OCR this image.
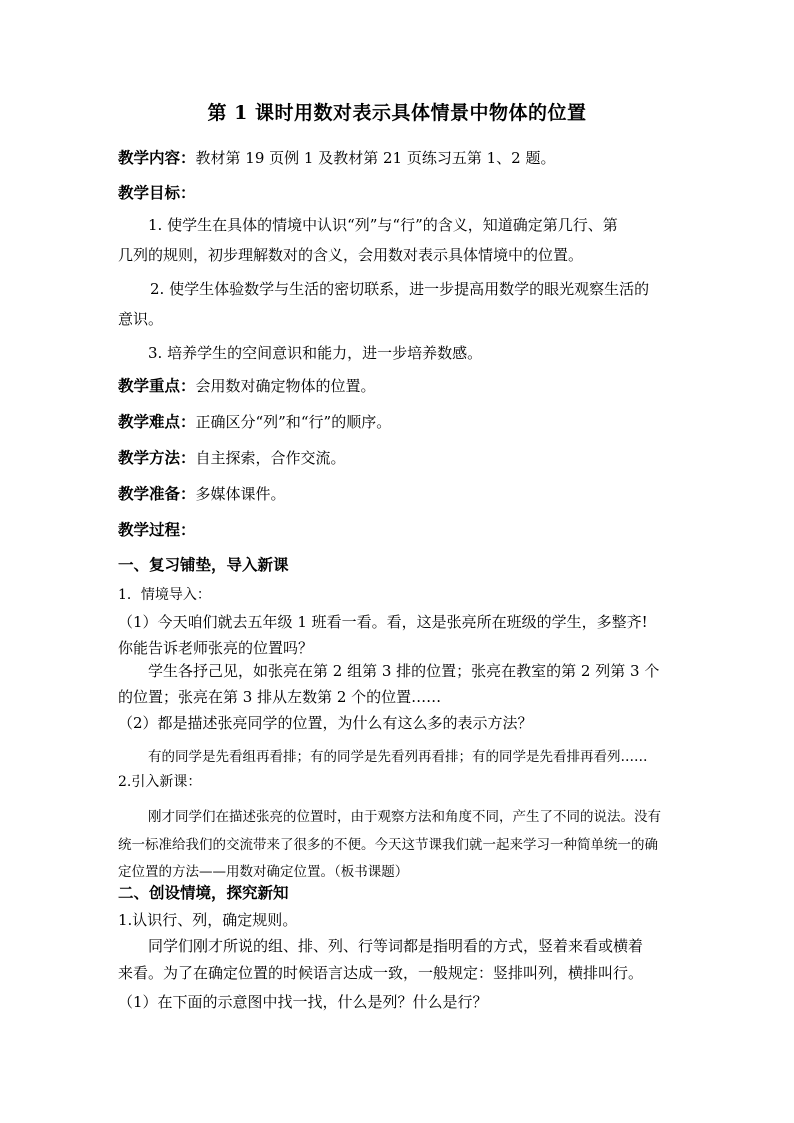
第 1 课时用数对表示具体情景中物体的位置
教学内容：教材第 19 页例 1 及教材第 21 页练习五第 1、2 题。
教学目标：
1. 使学生在具体的情境中认识“列”与“行”的含义，知道确定第几行、第
几列的规则，初步理解数对的含义，会用数对表示具体情境中的位置。
2. 使学生体验数学与生活的密切联系，进一步提高用数学的眼光观察生活的
意识。
3. 培养学生的空间意识和能力，进一步培养数感。
教学重点：会用数对确定物体的位置。
教学难点：正确区分“列”和“行”的顺序。
教学方法：自主探索，合作交流。
教学准备：多媒体课件。
教学过程：
一、复习铺垫，导入新课
1．情境导入：
（1）今天咱们就去五年级 1 班看一看。看，这是张亮所在班级的学生，多整齐!
你能告诉老师张亮的位置吗？
学生各抒己见，如张亮在第 2 组第 3 排的位置；张亮在教室的第 2 列第 3 个
的位置；张亮在第 3 排从左数第 2 个的位置……
（2）都是描述张亮同学的位置，为什么有这么多的表示方法？
有的同学是先看组再看排；有的同学是先看列再看排；有的同学是先看排再看列……
2.引入新课：
刚才同学们在描述张亮的位置时，由于观察方法和角度不同，产生了不同的说法。没有
统一标准给我们的交流带来了很多的不便。今天这节课我们就一起来学习一种简单统一的确
定位置的方法——用数对确定位置。（板书课题）
二、创设情境，探究新知
1.认识行、列，确定规则。
同学们刚才所说的组、排、列、行等词都是指明看的方式，竖着来看或横着
来看。为了在确定位置的时候语言达成一致，一般规定：竖排叫列，横排叫行。
（1）在下面的示意图中找一找，什么是列？什么是行？
